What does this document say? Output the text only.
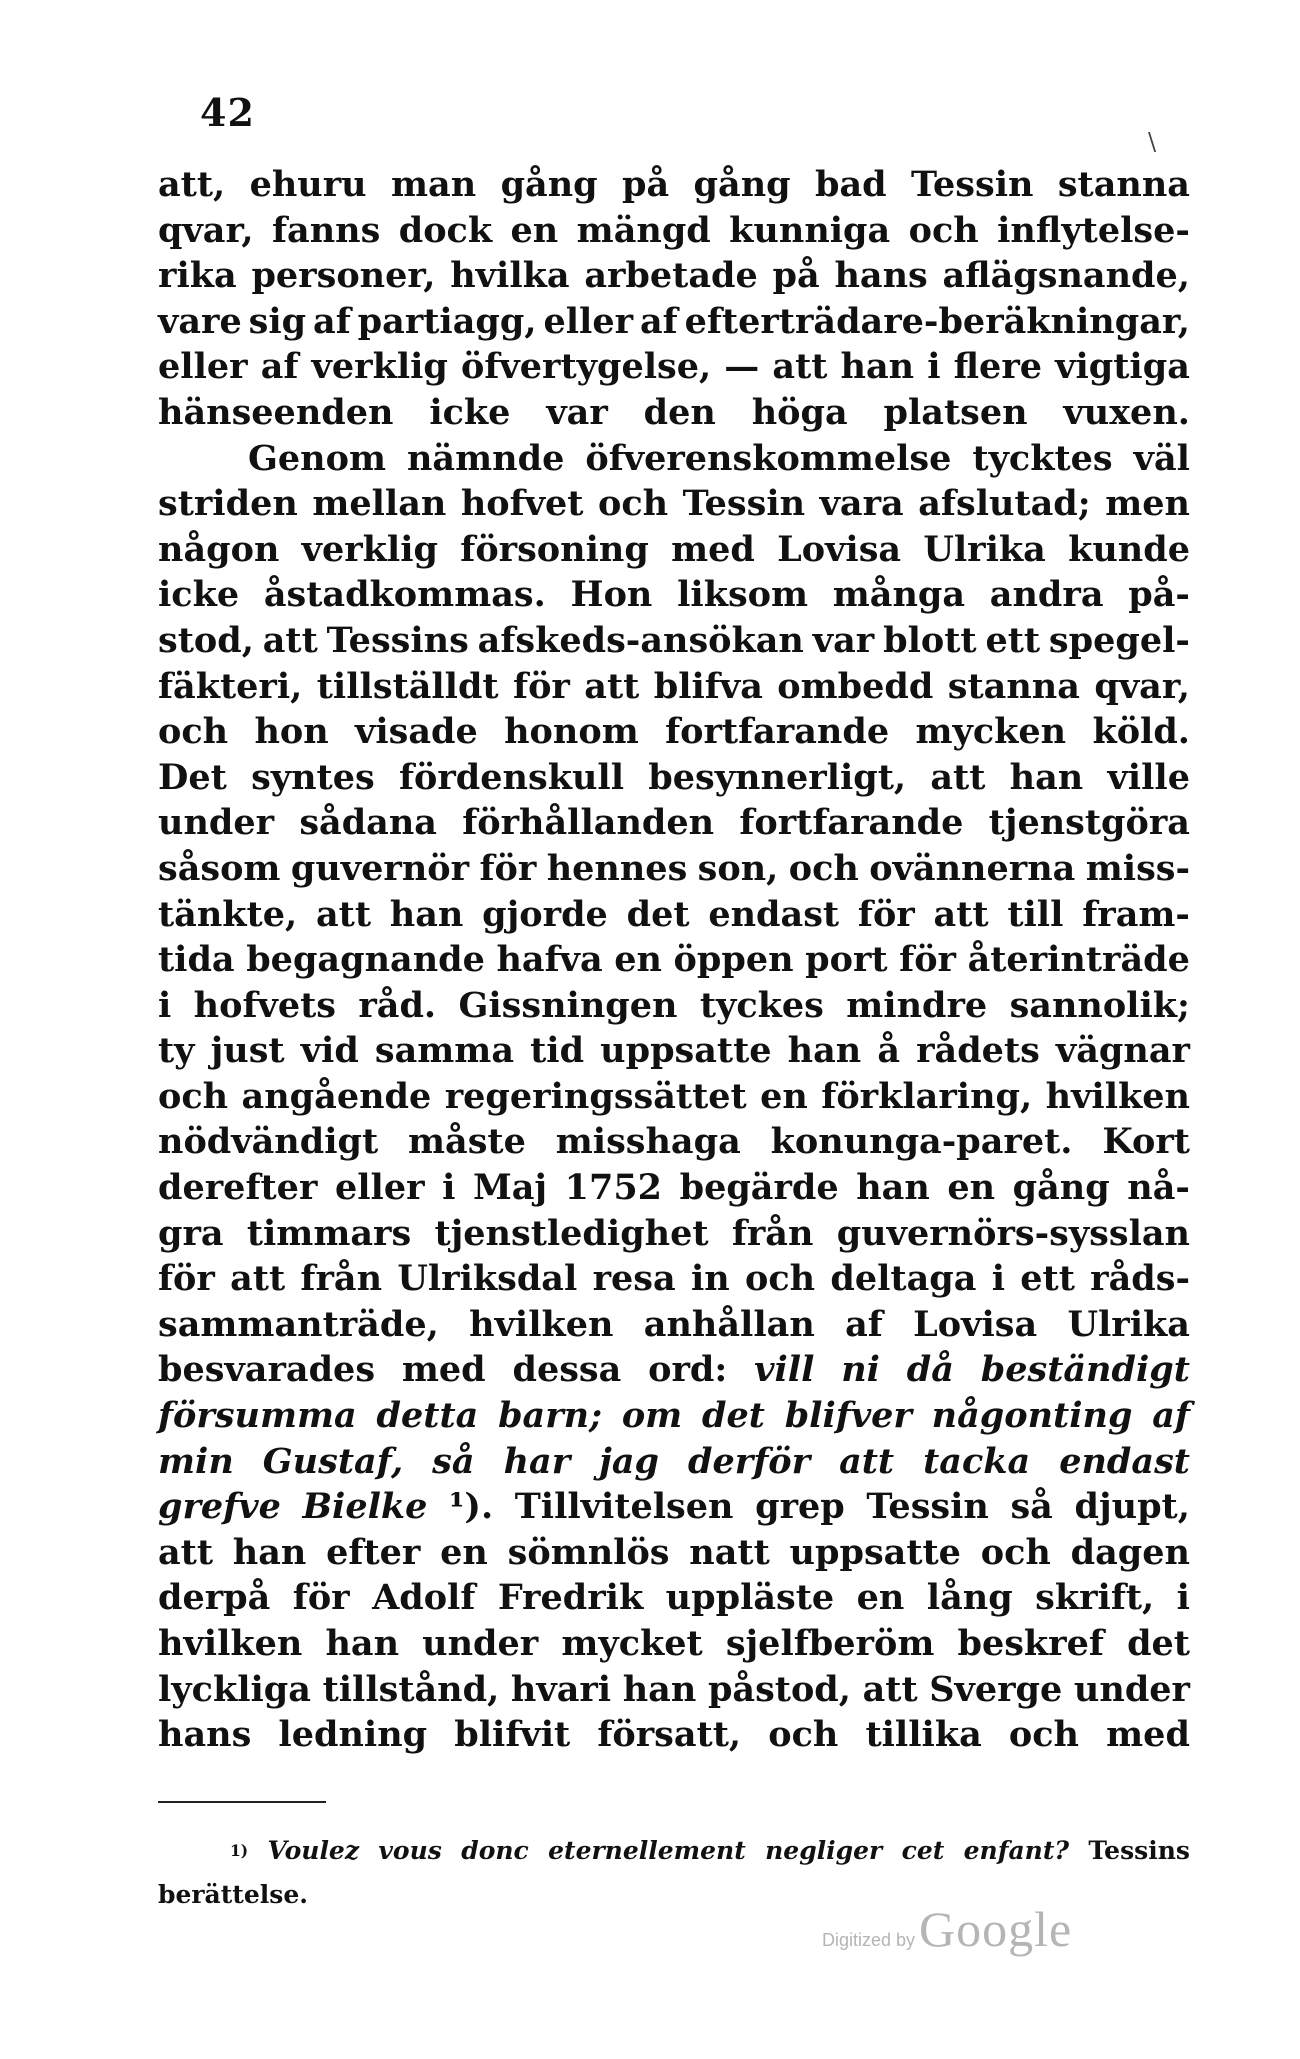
42
\
att, ehuru man gång på gång bad Tessin stanna
qvar, fanns dock en mängd kunniga och inflytelse-
rika personer, hvilka arbetade på hans aflägsnande,
vare sig af partiagg, eller af efterträdare-beräkningar,
eller af verklig öfvertygelse, — att han i flere vigtiga
hänseenden icke var den höga platsen vuxen.
Genom nämnde öfverenskommelse tycktes väl
striden mellan hofvet och Tessin vara afslutad; men
någon verklig försoning med Lovisa Ulrika kunde
icke åstadkommas. Hon liksom många andra på-
stod, att Tessins afskeds-ansökan var blott ett spegel-
fäkteri, tillställdt för att blifva ombedd stanna qvar,
och hon visade honom fortfarande mycken köld.
Det syntes fördenskull besynnerligt, att han ville
under sådana förhållanden fortfarande tjenstgöra
såsom guvernör för hennes son, och ovännerna miss-
tänkte, att han gjorde det endast för att till fram-
tida begagnande hafva en öppen port för återinträde
i hofvets råd. Gissningen tyckes mindre sannolik;
ty just vid samma tid uppsatte han å rådets vägnar
och angående regeringssättet en förklaring, hvilken
nödvändigt måste misshaga konunga-paret. Kort
derefter eller i Maj 1752 begärde han en gång nå-
gra timmars tjenstledighet från guvernörs-sysslan
för att från Ulriksdal resa in och deltaga i ett råds-
sammanträde, hvilken anhållan af Lovisa Ulrika
besvarades med dessa ord: vill ni då beständigt
försumma detta barn; om det blifver någonting af
min Gustaf, så har jag derför att tacka endast
grefve Bielke ¹). Tillvitelsen grep Tessin så djupt,
att han efter en sömnlös natt uppsatte och dagen
derpå för Adolf Fredrik uppläste en lång skrift, i
hvilken han under mycket sjelfberöm beskref det
lyckliga tillstånd, hvari han påstod, att Sverge under
hans ledning blifvit försatt, och tillika och med
$^{1)}$ Voulez vous donc eternellement negliger cet enfant? Tessins
berättelse.
Digitized by Google
